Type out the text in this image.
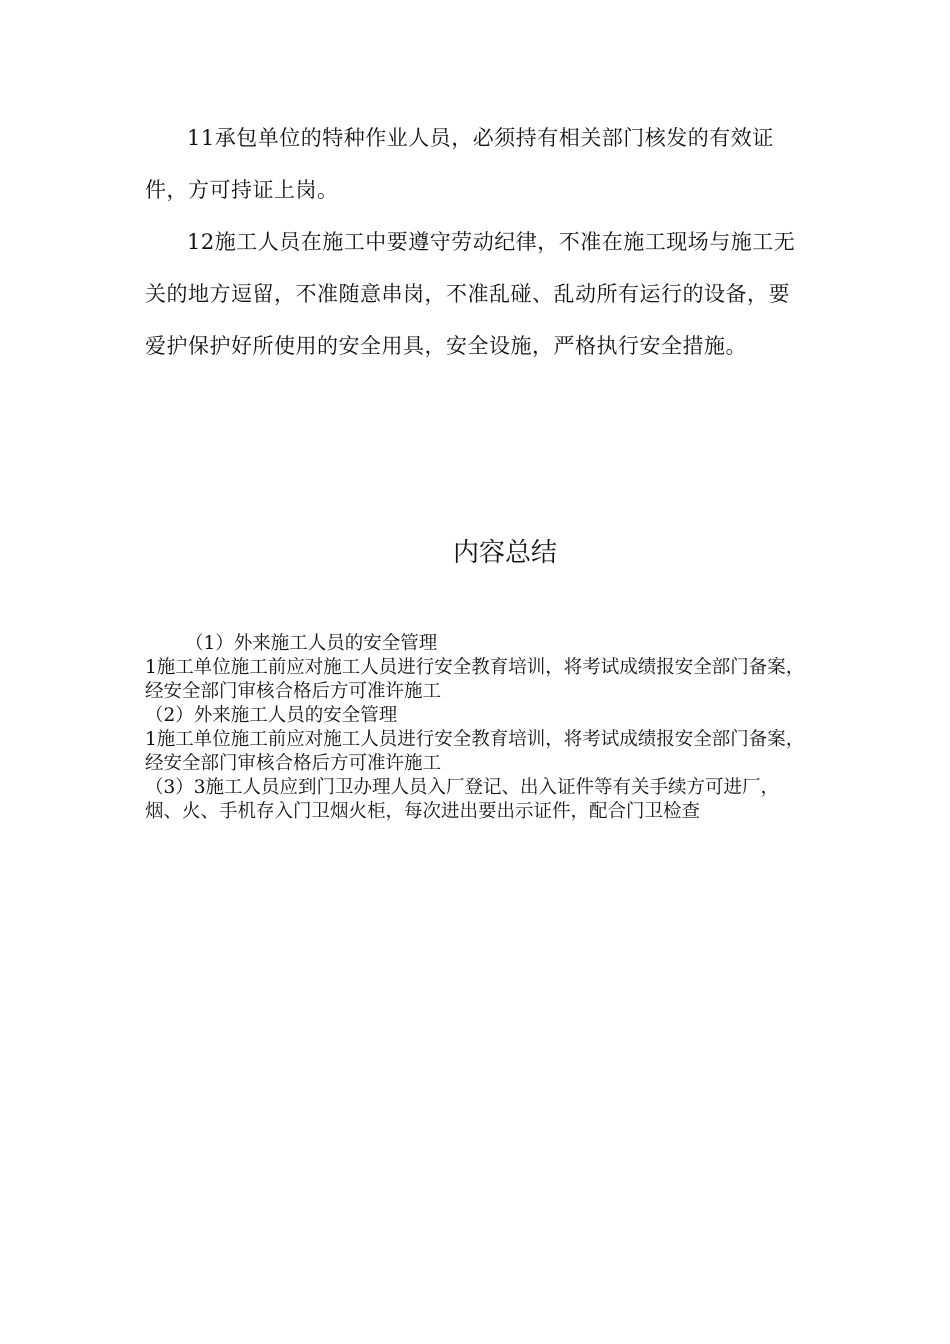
11承包单位的特种作业人员，必须持有相关部门核发的有效证件，方可持证上岗。

12施工人员在施工中要遵守劳动纪律，不准在施工现场与施工无关的地方逗留，不准随意串岗，不准乱碰、乱动所有运行的设备，要爱护保护好所使用的安全用具，安全设施，严格执行安全措施。

内容总结

（1）外来施工人员的安全管理

1施工单位施工前应对施工人员进行安全教育培训，将考试成绩报安全部门备案，经安全部门审核合格后方可准许施工

（2）外来施工人员的安全管理

1施工单位施工前应对施工人员进行安全教育培训，将考试成绩报安全部门备案，经安全部门审核合格后方可准许施工

（3）3施工人员应到门卫办理人员入厂登记、出入证件等有关手续方可进厂，烟、火、手机存入门卫烟火柜，每次进出要出示证件，配合门卫检查
